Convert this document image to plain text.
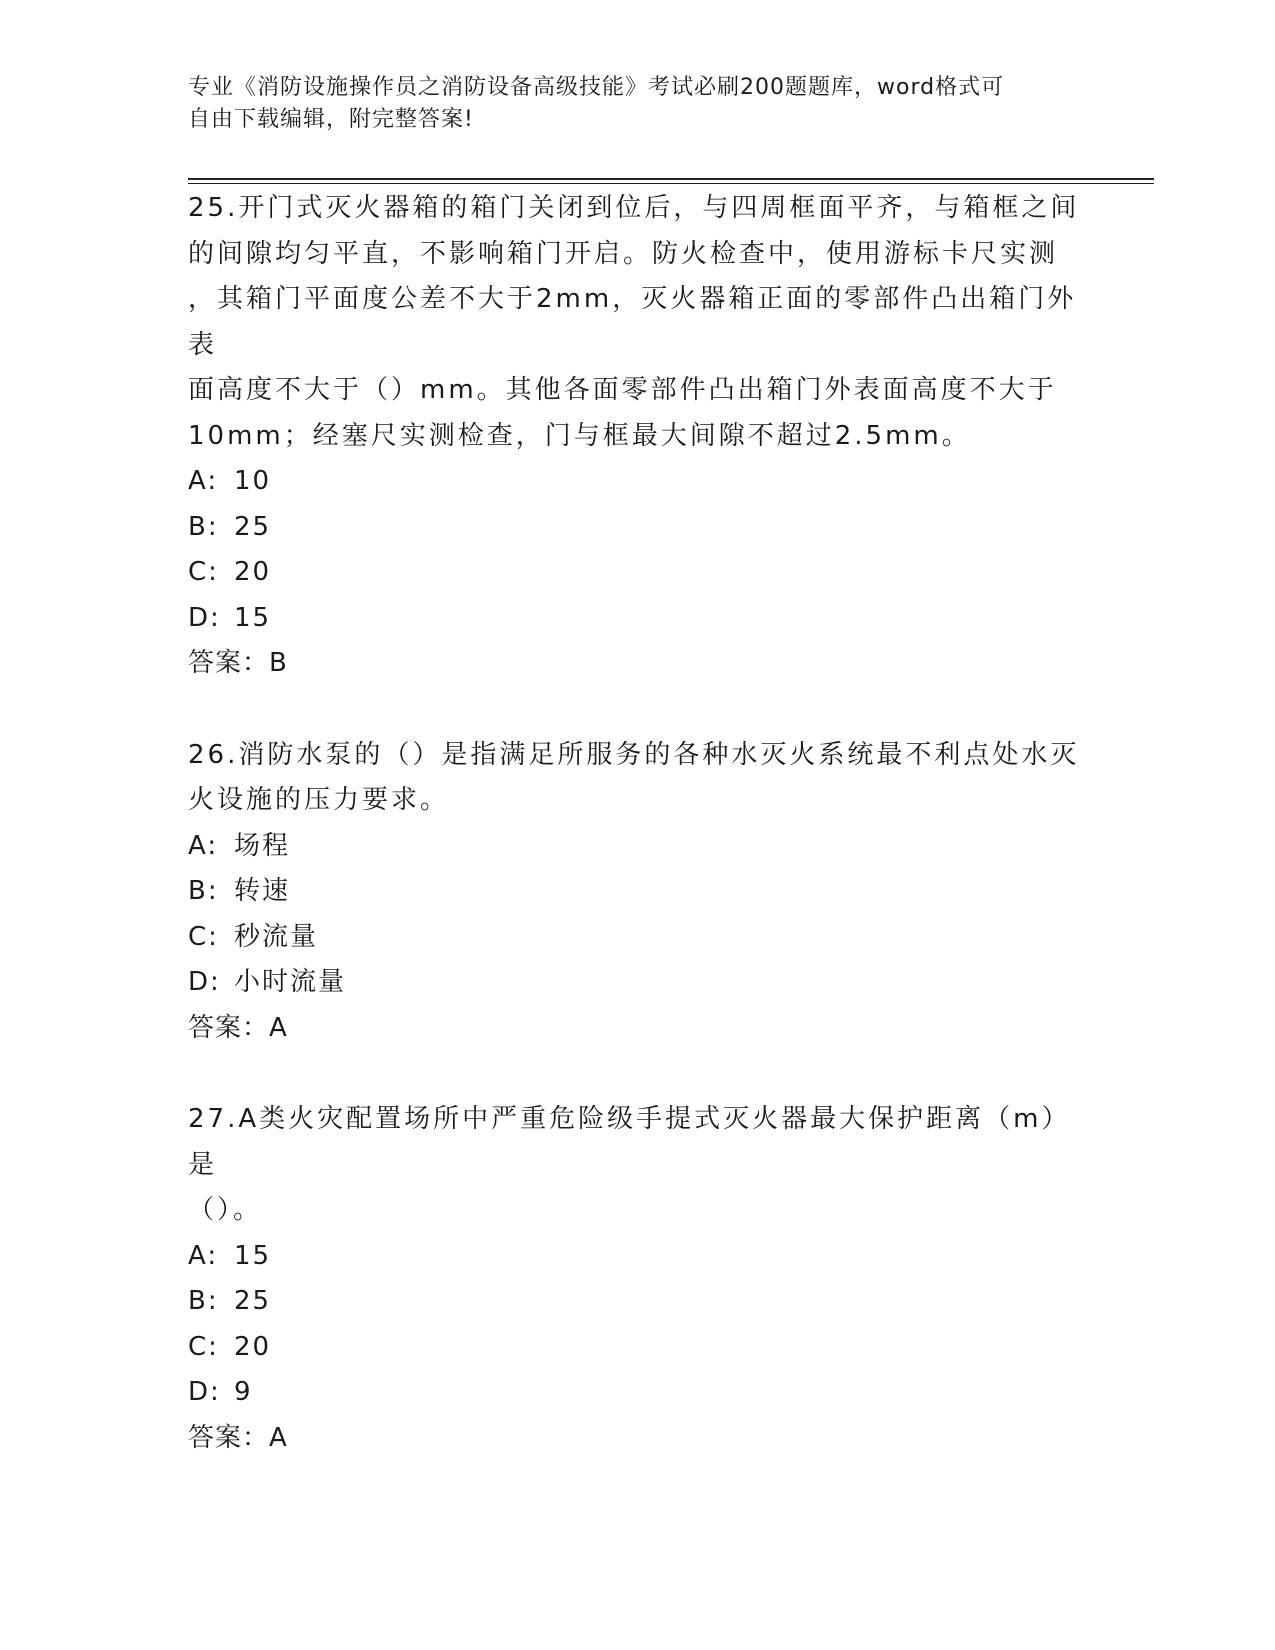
专业《消防设施操作员之消防设备高级技能》考试必刷200题题库，word格式可
自由下载编辑，附完整答案!

25.开门式灭火器箱的箱门关闭到位后，与四周框面平齐，与箱框之间

的间隙均匀平直，不影响箱门开启。防火检查中，使用游标卡尺实测

，其箱门平面度公差不大于2mm，灭火器箱正面的零部件凸出箱门外表

面高度不大于（）mm。其他各面零部件凸出箱门外表面高度不大于

10mm；经塞尺实测检查，门与框最大间隙不超过2.5mm。

A: 10

B: 25

C: 20

D: 15

答案：B

26.消防水泵的（）是指满足所服务的各种水灭火系统最不利点处水灭

火设施的压力要求。

A: 场程

B: 转速

C: 秒流量

D: 小时流量

答案：A

27.A类火灾配置场所中严重危险级手提式灭火器最大保护距离（m）是

（）。

A: 15

B: 25

C: 20

D: 9

答案：A
